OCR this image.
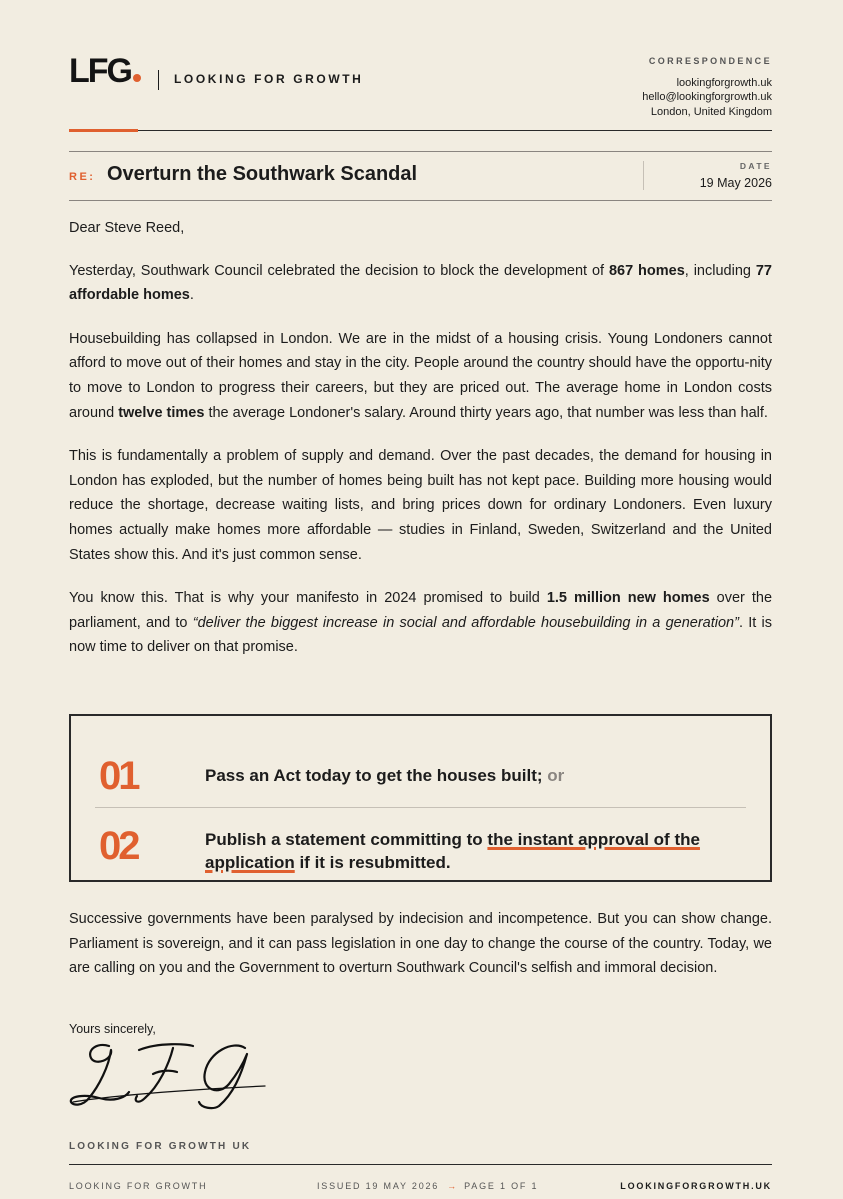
LFG	LOOKING FOR GROWTH
CORRESPONDENCE
lookingforgrowth.uk
hello@lookingforgrowth.uk
London, United Kingdom
RE: Overturn the Southwark Scandal	DATE
19 May 2026

Dear Steve Reed,

Yesterday, Southwark Council celebrated the decision to block the development of 867 homes, including 77 affordable homes.

Housebuilding has collapsed in London. We are in the midst of a housing crisis. Young Londoners cannot afford to move out of their homes and stay in the city. People around the country should have the opportu-nity to move to London to progress their careers, but they are priced out. The average home in London costs around twelve times the average Londoner's salary. Around thirty years ago, that number was less than half.

This is fundamentally a problem of supply and demand. Over the past decades, the demand for housing in London has exploded, but the number of homes being built has not kept pace. Building more housing would reduce the shortage, decrease waiting lists, and bring prices down for ordinary Londoners. Even luxury homes actually make homes more affordable — studies in Finland, Sweden, Switzerland and the United States show this. And it's just common sense.

You know this. That is why your manifesto in 2024 promised to build 1.5 million new homes over the parliament, and to “deliver the biggest increase in social and affordable housebuilding in a generation”. It is now time to deliver on that promise.

01	Pass an Act today to get the houses built; or
02	Publish a statement committing to the instant approval of the application if it is resubmitted.

Successive governments have been paralysed by indecision and incompetence. But you can show change. Parliament is sovereign, and it can pass legislation in one day to change the course of the country. Today, we are calling on you and the Government to overturn Southwark Council's selfish and immoral decision.

Yours sincerely,
LOOKING FOR GROWTH UK
LOOKING FOR GROWTH	ISSUED 19 MAY 2026 → PAGE 1 OF 1	LOOKINGFORGROWTH.UK
